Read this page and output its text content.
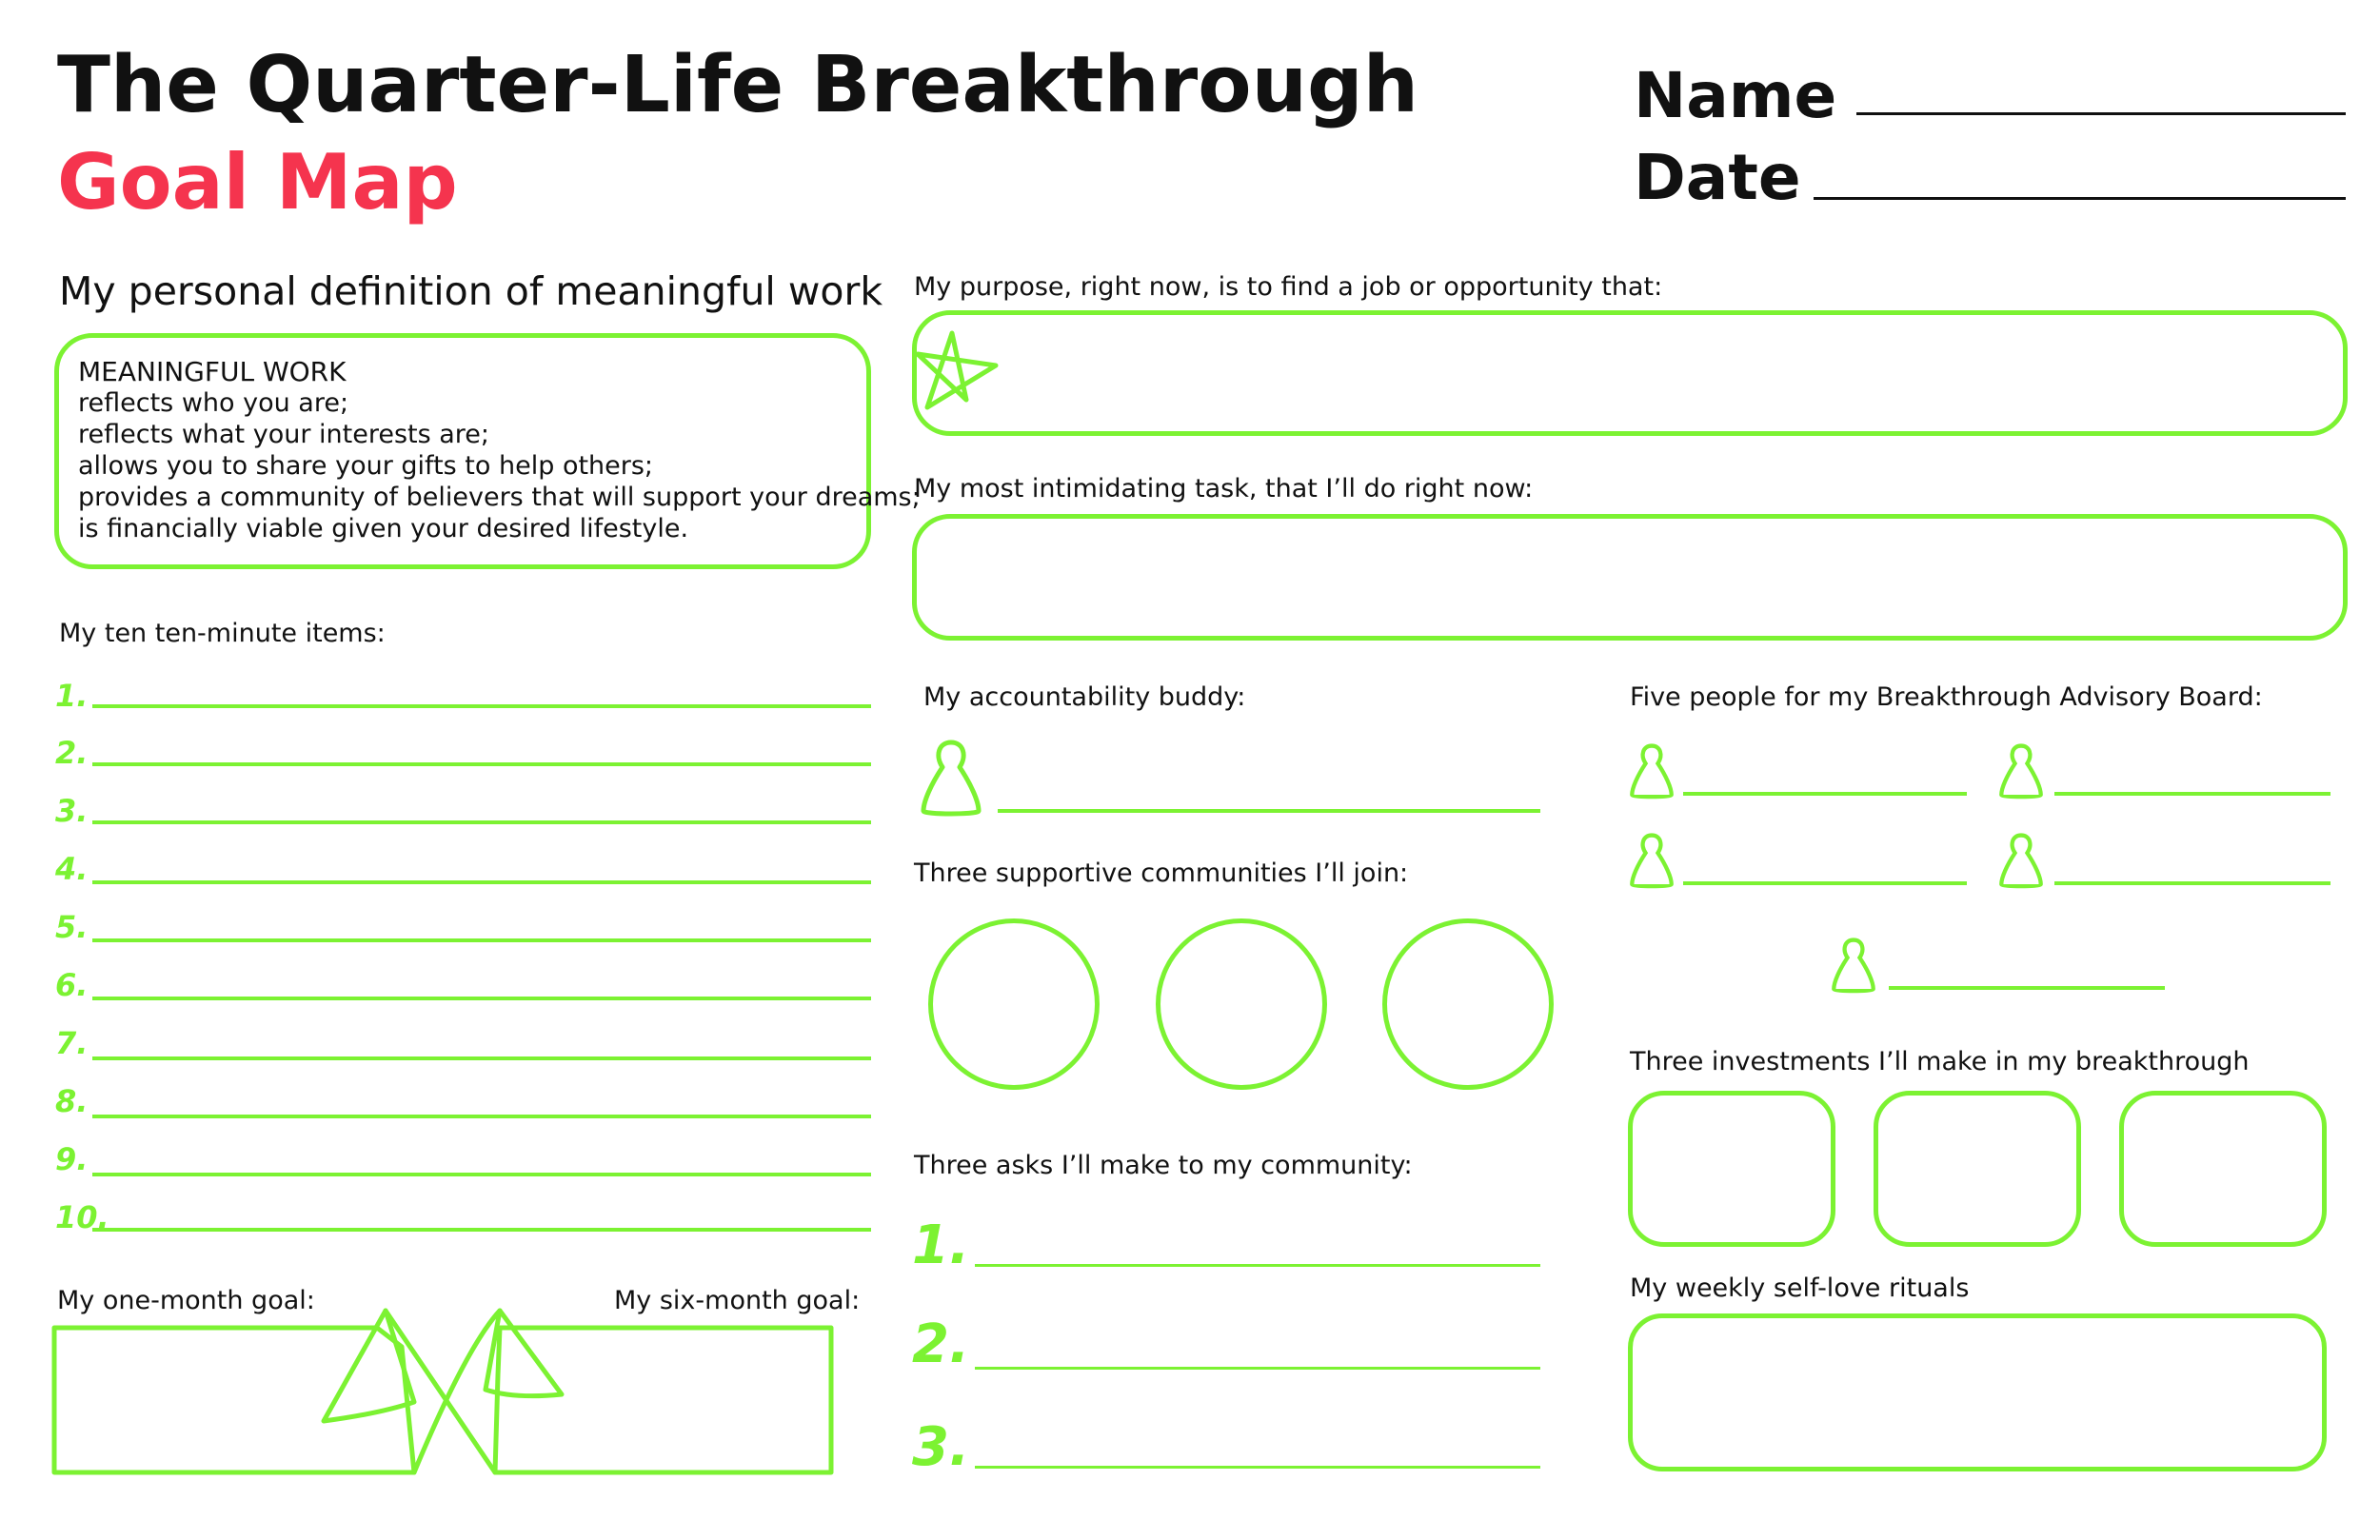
The Quarter-Life Breakthrough
Goal Map
Name
Date
My personal definition of meaningful work
MEANINGFUL WORK
reflects who you are;
reflects what your interests are;
allows you to share your gifts to help others;
provides a community of believers that will support your dreams;
is financially viable given your desired lifestyle.
My ten ten-minute items:
1.
2.
3.
4.
5.
6.
7.
8.
9.
10.
My one-month goal:	My six-month goal:
My purpose, right now, is to find a job or opportunity that:
My most intimidating task, that I’ll do right now:
My accountability buddy:	Five people for my Breakthrough Advisory Board:
Three supportive communities I’ll join:
Three asks I’ll make to my community:
1.
2.
3.
Three investments I’ll make in my breakthrough
My weekly self-love rituals
